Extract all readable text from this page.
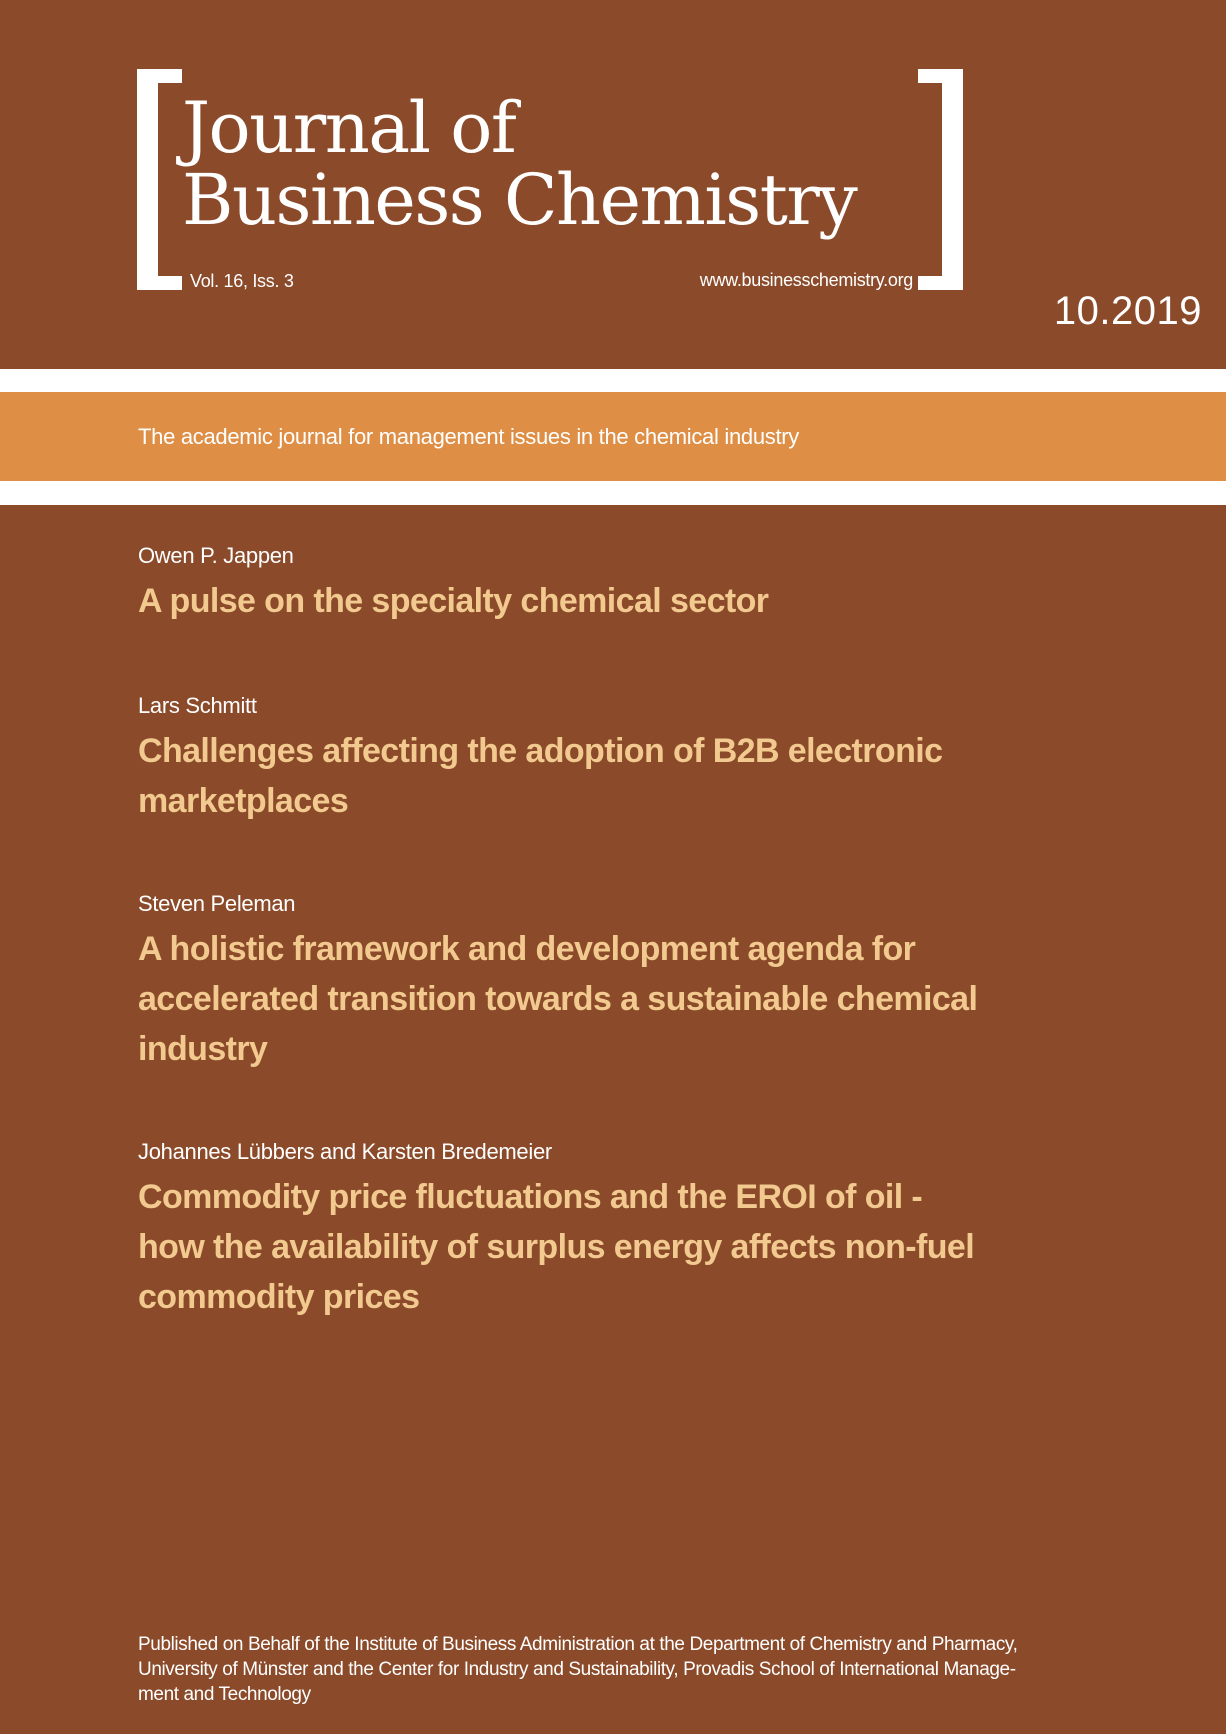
Journal of
Business Chemistry
Vol. 16, Iss. 3	www.businesschemistry.org
10.2019
The academic journal for management issues in the chemical industry
Owen P. Jappen
A pulse on the specialty chemical sector
Lars Schmitt
Challenges affecting the adoption of B2B electronic
marketplaces
Steven Peleman
A holistic framework and development agenda for
accelerated transition towards a sustainable chemical
industry
Johannes Lübbers and Karsten Bredemeier
Commodity price fluctuations and the EROI of oil -
how the availability of surplus energy affects non-fuel
commodity prices
Published on Behalf of the Institute of Business Administration at the Department of Chemistry and Pharmacy,
University of Münster and the Center for Industry and Sustainability, Provadis School of International Manage-
ment and Technology
